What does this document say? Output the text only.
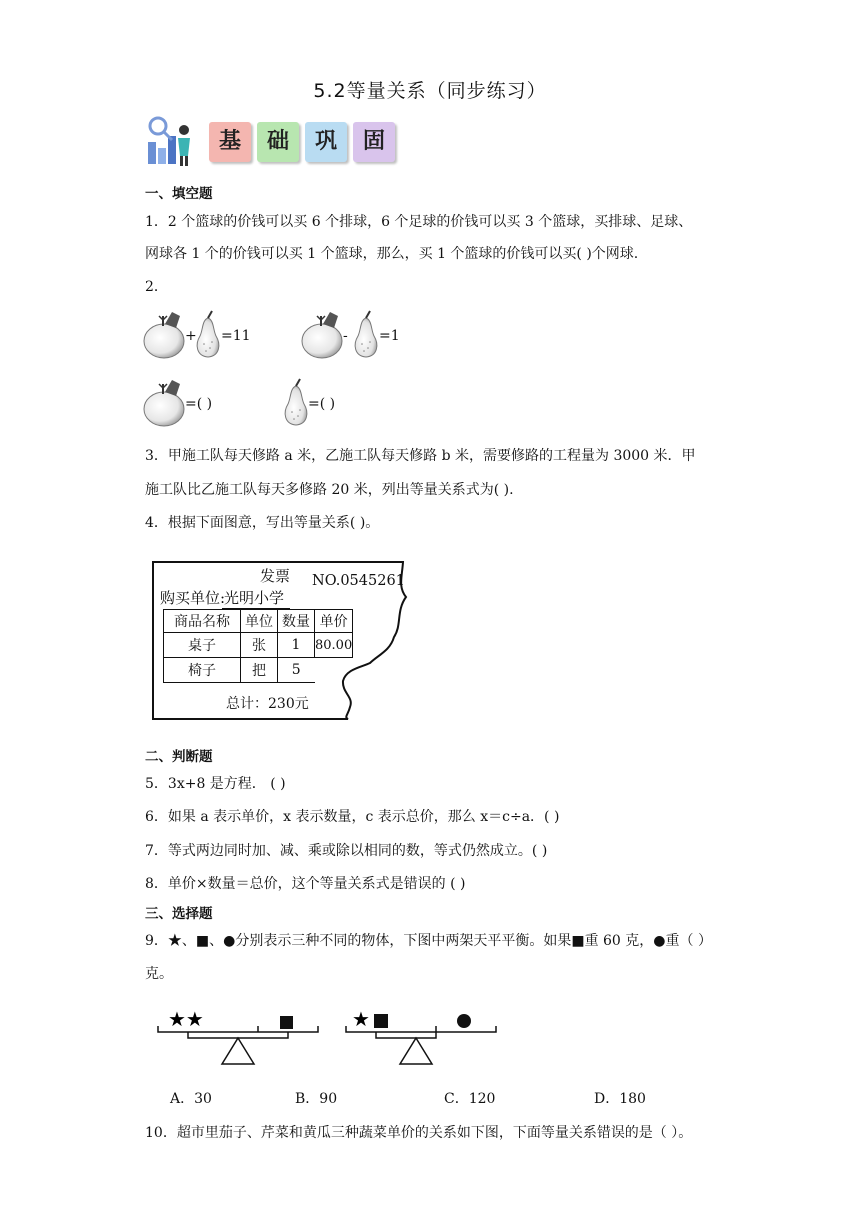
5.2等量关系（同步练习）
基	础	巩	固
一、填空题
1．2 个篮球的价钱可以买 6 个排球，6 个足球的价钱可以买 3 个篮球，买排球、足球、
网球各 1 个的价钱可以买 1 个篮球，那么，买 1 个篮球的价钱可以买( )个网球.
2．
+ =11	- =1
=( )	=( )
3．甲施工队每天修路 a 米，乙施工队每天修路 b 米，需要修路的工程量为 3000 米．甲
施工队比乙施工队每天多修路 20 米，列出等量关系式为( ).
4．根据下面图意，写出等量关系( )。
发票 NO.0545261
购买单位:
光明小学
商品名称	单位	数量	单价
桌子	张	1	80.00
椅子	把	5	
总计：230元
二、判断题
5．3x+8 是方程． ( )
6．如果 a 表示单价，x 表示数量，c 表示总价，那么 x＝c÷a．( )
7．等式两边同时加、减、乘或除以相同的数，等式仍然成立。( )
8．单价×数量＝总价，这个等量关系式是错误的 ( )
三、选择题
9．★、■、●分别表示三种不同的物体，下图中两架天平平衡。如果■重 60 克，●重（ ）
克。
★★	★
A．30	B．90	C．120	D．180
10．超市里茄子、芹菜和黄瓜三种蔬菜单价的关系如下图，下面等量关系错误的是（ ）。
